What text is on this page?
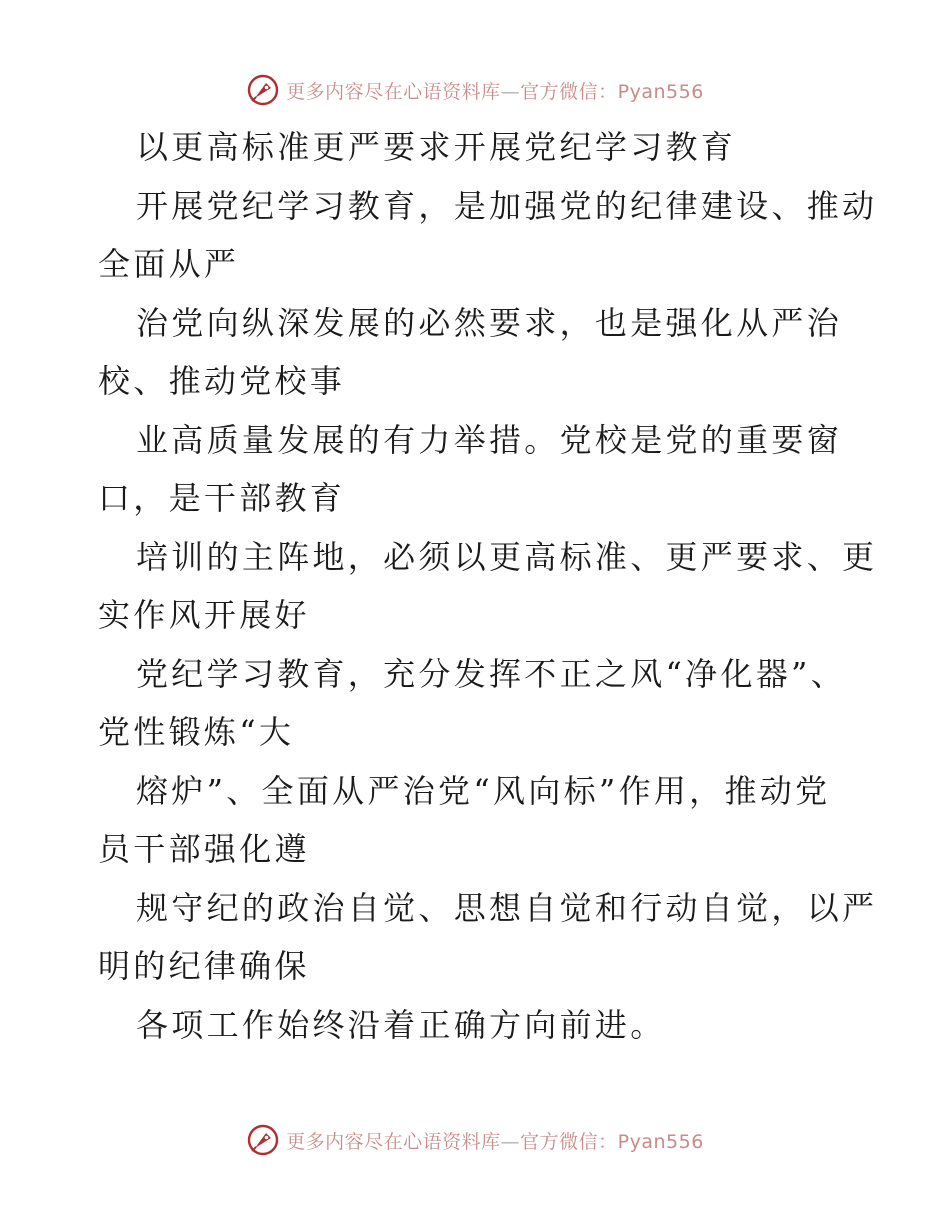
更多内容尽在心语资料库—官方微信：Pyan556
以更高标准更严要求开展党纪学习教育
开展党纪学习教育，是加强党的纪律建设、推动
全面从严
治党向纵深发展的必然要求，也是强化从严治
校、推动党校事
业高质量发展的有力举措。党校是党的重要窗
口，是干部教育
培训的主阵地，必须以更高标准、更严要求、更
实作风开展好
党纪学习教育，充分发挥不正之风“净化器”、
党性锻炼“大
熔炉”、全面从严治党“风向标”作用，推动党
员干部强化遵
规守纪的政治自觉、思想自觉和行动自觉，以严
明的纪律确保
各项工作始终沿着正确方向前进。
更多内容尽在心语资料库—官方微信：Pyan556
